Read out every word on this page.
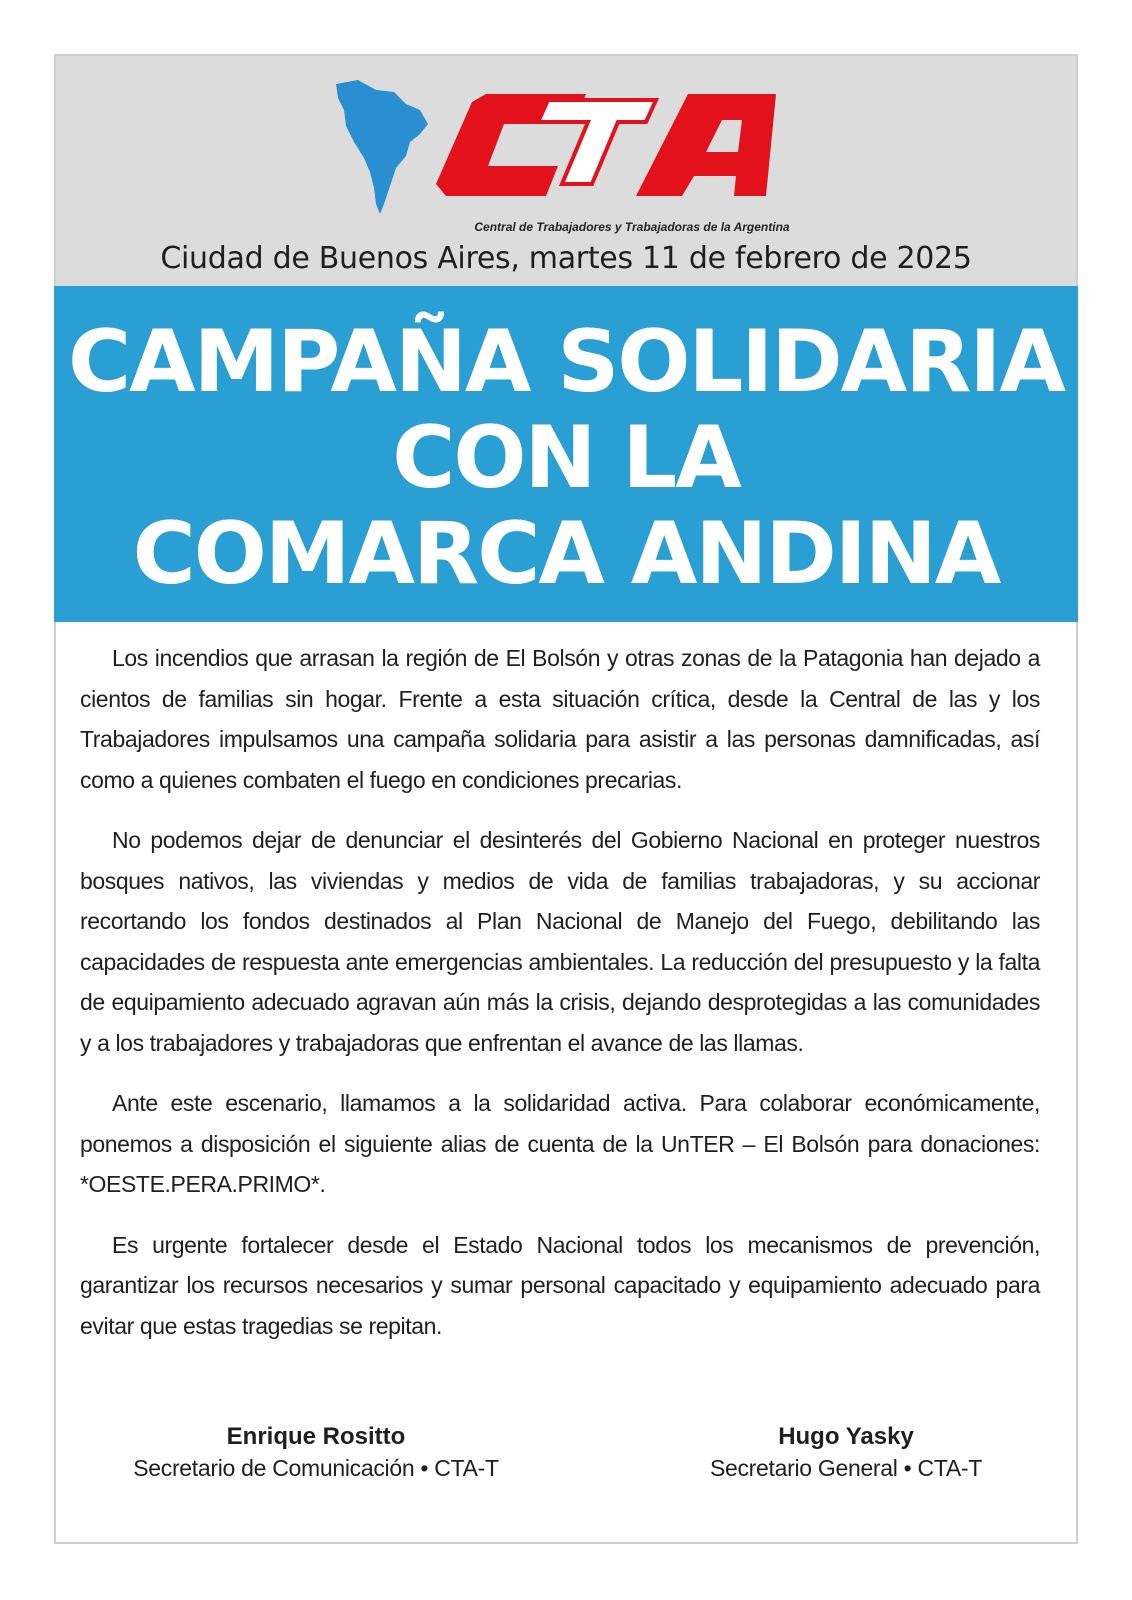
Central de Trabajadores y Trabajadoras de la Argentina
Ciudad de Buenos Aires, martes 11 de febrero de 2025
CAMPAÑA SOLIDARIA
CON LA
COMARCA ANDINA

Los incendios que arrasan la región de El Bolsón y otras zonas de la Patagonia han dejado a cientos de familias sin hogar. Frente a esta situación crítica, desde la Central de las y los Trabajadores impulsamos una campaña solidaria para asistir a las personas damnificadas, así como a quienes combaten el fuego en condiciones precarias.

No podemos dejar de denunciar el desinterés del Gobierno Nacional en proteger nuestros bosques nativos, las viviendas y medios de vida de familias trabajadoras, y su accionar recortando los fondos destinados al Plan Nacional de Manejo del Fuego, debilitando las capacidades de respuesta ante emergencias ambientales. La reducción del presupuesto y la falta de equipamiento adecuado agravan aún más la crisis, dejando desprotegidas a las comunidades y a los trabajadores y trabajadoras que enfrentan el avance de las llamas.

Ante este escenario, llamamos a la solidaridad activa. Para colaborar económicamente, ponemos a disposición el siguiente alias de cuenta de la UnTER – El Bolsón para donaciones: *OESTE.PERA.PRIMO*.

Es urgente fortalecer desde el Estado Nacional todos los mecanismos de prevención, garantizar los recursos necesarios y sumar personal capacitado y equipamiento adecuado para evitar que estas tragedias se repitan.

Enrique Rositto
Secretario de Comunicación • CTA-T
Hugo Yasky
Secretario General • CTA-T
